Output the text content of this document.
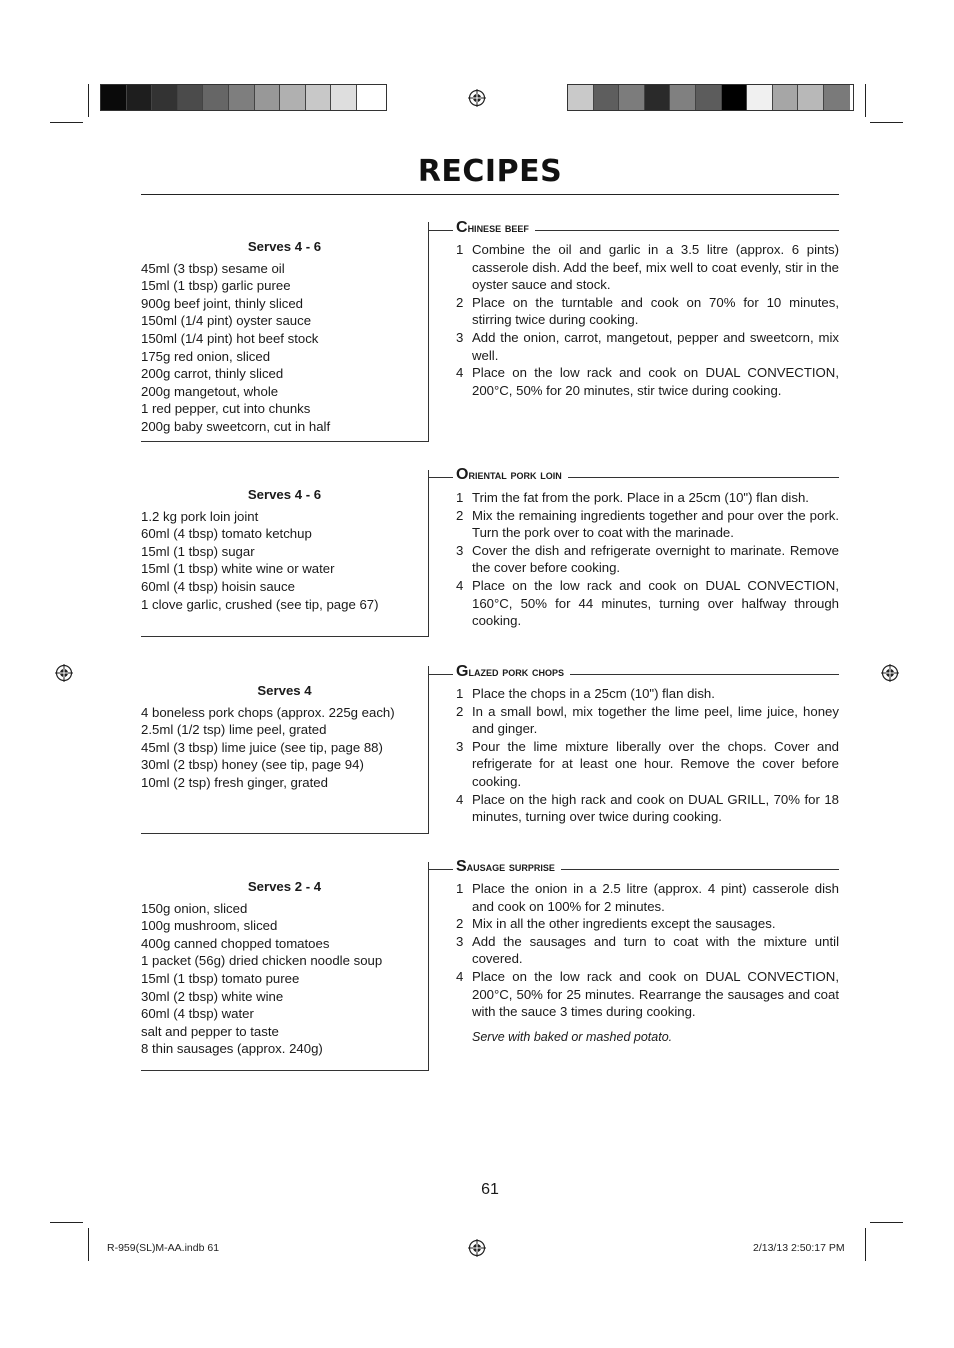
RECIPES
Serves 4 - 6
45ml (3 tbsp) sesame oil
15ml (1 tbsp) garlic puree
900g beef joint, thinly sliced
150ml (1/4 pint) oyster sauce
150ml (1/4 pint) hot beef stock
175g red onion, sliced
200g carrot, thinly sliced
200g mangetout, whole
1 red pepper, cut into chunks
200g baby sweetcorn, cut in half
Chinese beef
1 Combine the oil and garlic in a 3.5 litre (approx. 6 pints) casserole dish. Add the beef, mix well to coat evenly, stir in the oyster sauce and stock.
2 Place on the turntable and cook on 70% for 10 minutes, stirring twice during cooking.
3 Add the onion, carrot, mangetout, pepper and sweetcorn, mix well.
4 Place on the low rack and cook on DUAL CONVECTION, 200°C, 50% for 20 minutes, stir twice during cooking.
Serves 4 - 6
1.2 kg pork loin joint
60ml (4 tbsp) tomato ketchup
15ml (1 tbsp) sugar
15ml (1 tbsp) white wine or water
60ml (4 tbsp) hoisin sauce
1 clove garlic, crushed (see tip, page 67)
Oriental pork loin
1 Trim the fat from the pork. Place in a 25cm (10") flan dish.
2 Mix the remaining ingredients together and pour over the pork. Turn the pork over to coat with the marinade.
3 Cover the dish and refrigerate overnight to marinate. Remove the cover before cooking.
4 Place on the low rack and cook on DUAL CONVECTION, 160°C, 50% for 44 minutes, turning over halfway through cooking.
Serves 4
4 boneless pork chops (approx. 225g each)
2.5ml (1/2 tsp) lime peel, grated
45ml (3 tbsp) lime juice (see tip, page 88)
30ml (2 tbsp) honey (see tip, page 94)
10ml (2 tsp) fresh ginger, grated
Glazed pork chops
1 Place the chops in a 25cm (10") flan dish.
2 In a small bowl, mix together the lime peel, lime juice, honey and ginger.
3 Pour the lime mixture liberally over the chops. Cover and refrigerate for at least one hour. Remove the cover before cooking.
4 Place on the high rack and cook on DUAL GRILL, 70% for 18 minutes, turning over twice during cooking.
Serves 2 - 4
150g onion, sliced
100g mushroom, sliced
400g canned chopped tomatoes
1 packet (56g) dried chicken noodle soup
15ml (1 tbsp) tomato puree
30ml (2 tbsp) white wine
60ml (4 tbsp) water
salt and pepper to taste
8 thin sausages (approx. 240g)
Sausage surprise
1 Place the onion in a 2.5 litre (approx. 4 pint) casserole dish and cook on 100% for 2 minutes.
2 Mix in all the other ingredients except the sausages.
3 Add the sausages and turn to coat with the mixture until covered.
4 Place on the low rack and cook on DUAL CONVECTION, 200°C, 50% for 25 minutes. Rearrange the sausages and coat with the sauce 3 times during cooking.
Serve with baked or mashed potato.
61
R-959(SL)M-AA.indb 61	2/13/13 2:50:17 PM
